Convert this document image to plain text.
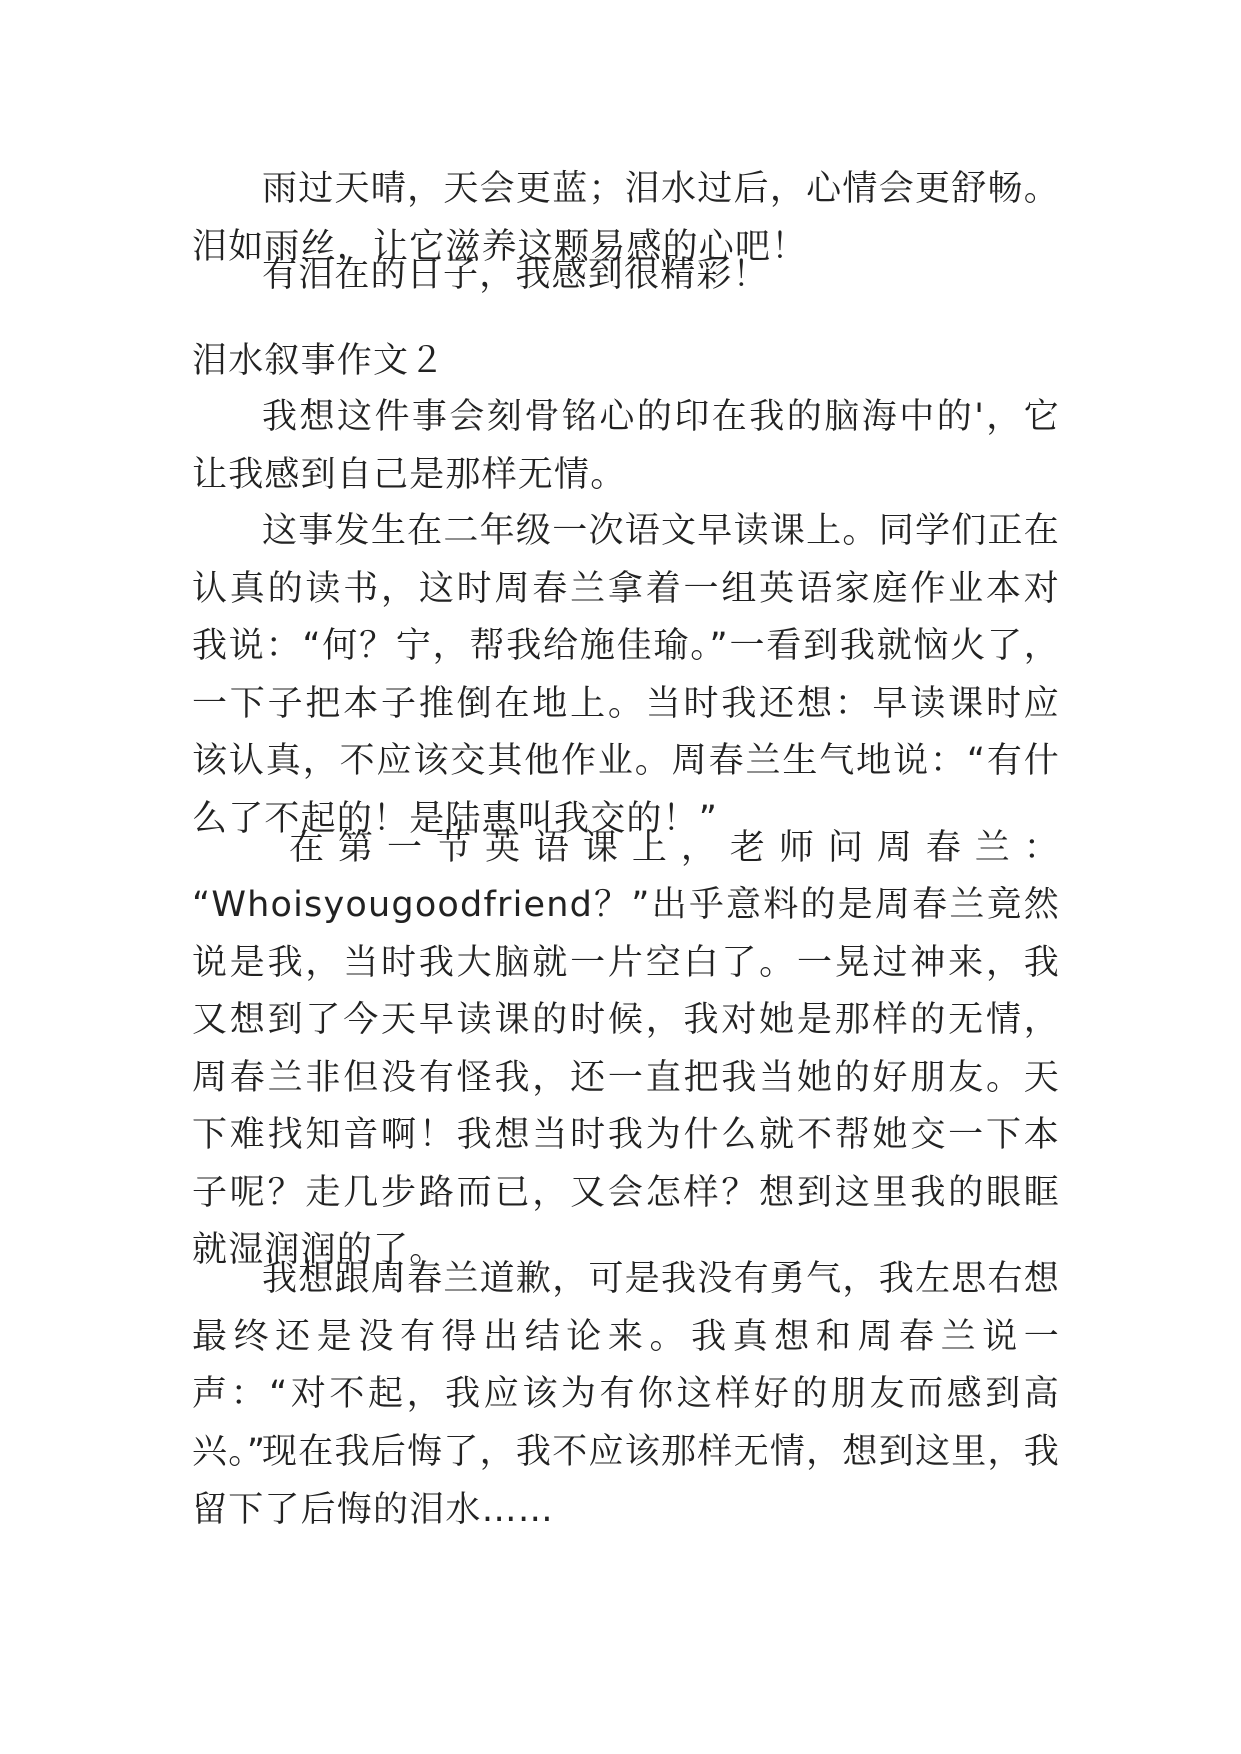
雨过天晴，天会更蓝；泪水过后，心情会更舒畅。泪如雨丝，让它滋养这颗易感的心吧！

有泪在的日子，我感到很精彩！

泪水叙事作文２

我想这件事会刻骨铭心的印在我的脑海中的'，它让我感到自己是那样无情。

这事发生在二年级一次语文早读课上。同学们正在认真的读书，这时周春兰拿着一组英语家庭作业本对我说：“何？宁，帮我给施佳瑜。”一看到我就恼火了，一下子把本子推倒在地上。当时我还想：早读课时应该认真，不应该交其他作业。周春兰生气地说：“有什么了不起的！是陆惠叫我交的！”

在第一节英语课上，老师问周春兰：

“Whoisyougoodfriend？”出乎意料的是周春兰竟然说是我，当时我大脑就一片空白了。一晃过神来，我又想到了今天早读课的时候，我对她是那样的无情，周春兰非但没有怪我，还一直把我当她的好朋友。天下难找知音啊！我想当时我为什么就不帮她交一下本子呢？走几步路而已，又会怎样？想到这里我的眼眶就湿润润的了。

我想跟周春兰道歉，可是我没有勇气，我左思右想最终还是没有得出结论来。我真想和周春兰说一声：“对不起，我应该为有你这样好的朋友而感到高兴。”

现在我后悔了，我不应该那样无情，想到这里，我留下了后悔的泪水……
